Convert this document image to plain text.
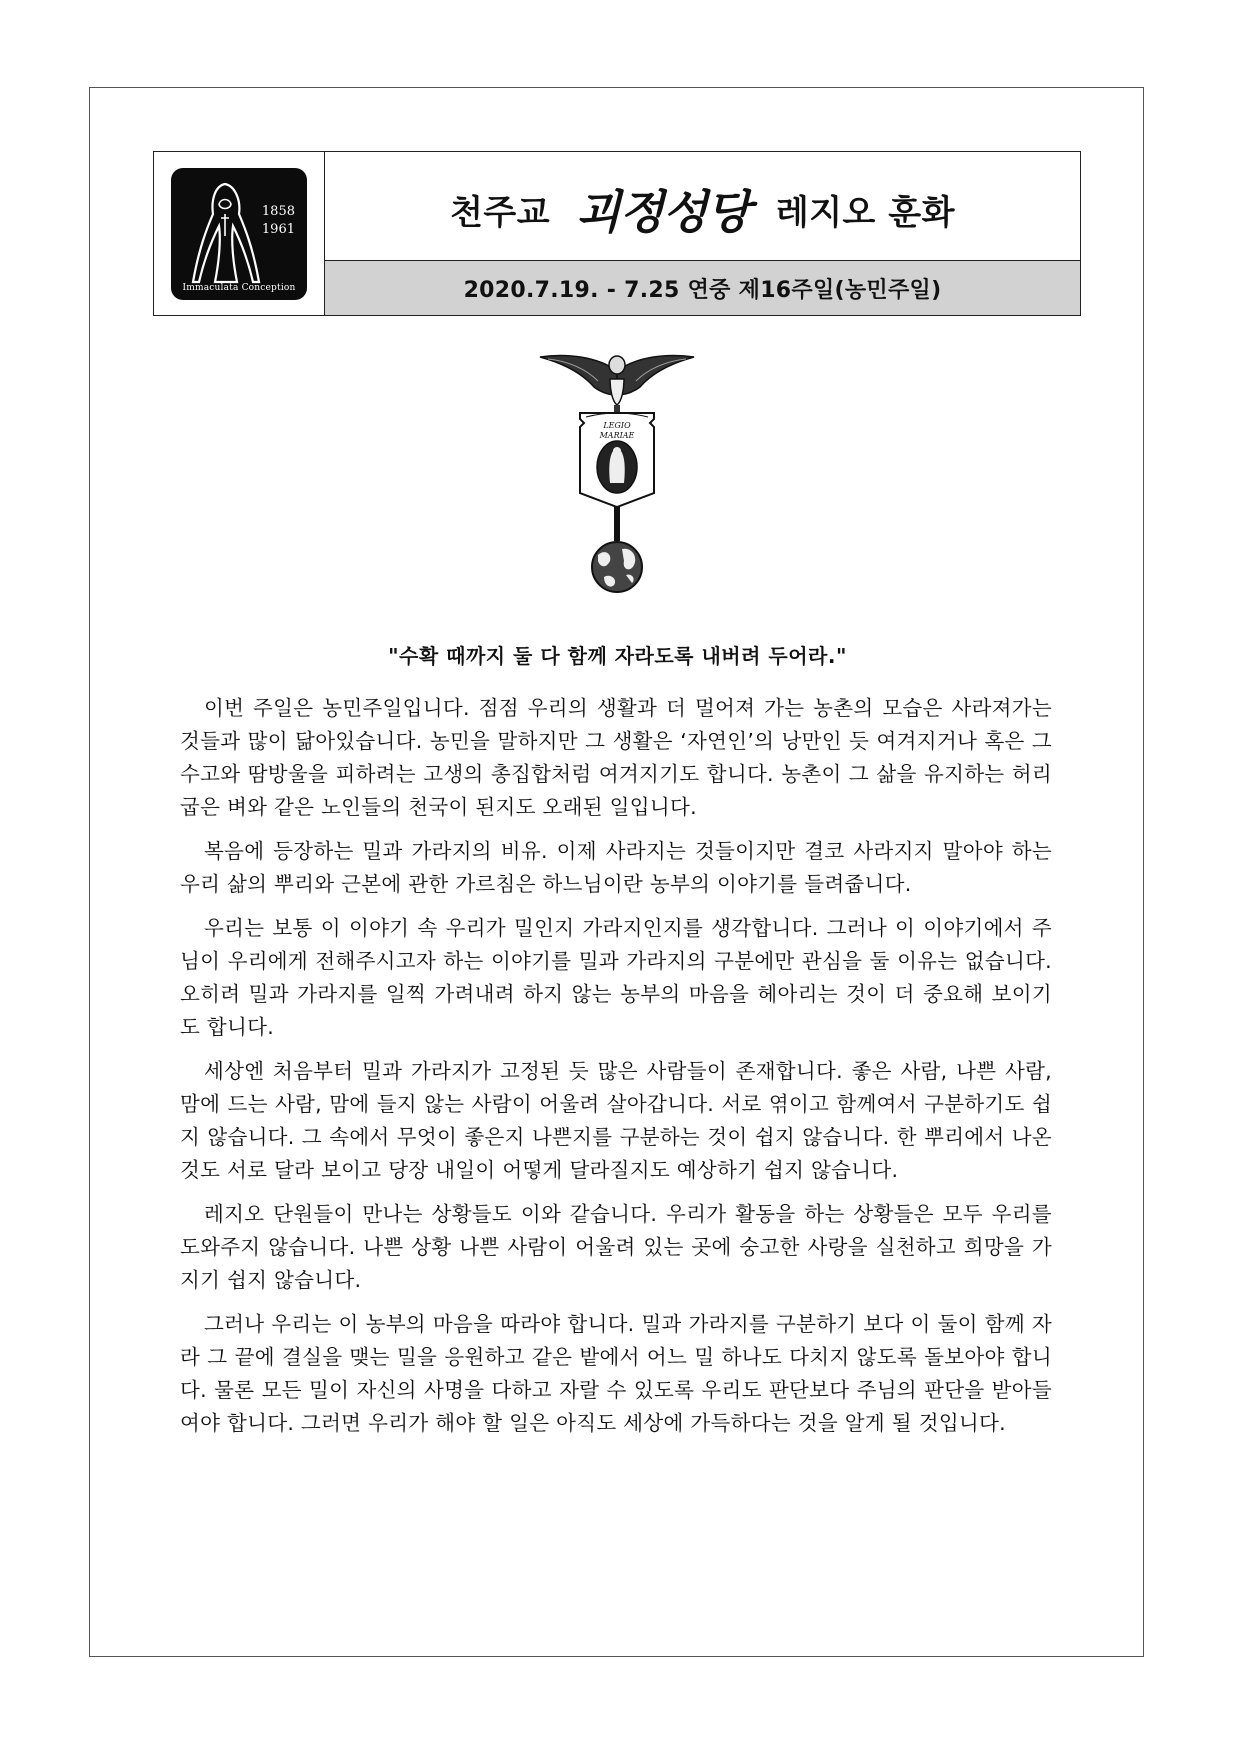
1858
1961
Immaculata Conception
천주교 괴정성당 레지오 훈화
2020.7.19. - 7.25 연중 제16주일(농민주일)
LEGIO
MARIAE
"수확 때까지 둘 다 함께 자라도록 내버려 두어라."

이번 주일은 농민주일입니다. 점점 우리의 생활과 더 멀어져 가는 농촌의 모습은 사라져가는 것들과 많이 닮아있습니다. 농민을 말하지만 그 생활은 ‘자연인’의 낭만인 듯 여겨지거나 혹은 그 수고와 땀방울을 피하려는 고생의 총집합처럼 여겨지기도 합니다. 농촌이 그 삶을 유지하는 허리 굽은 벼와 같은 노인들의 천국이 된지도 오래된 일입니다.

복음에 등장하는 밀과 가라지의 비유. 이제 사라지는 것들이지만 결코 사라지지 말아야 하는 우리 삶의 뿌리와 근본에 관한 가르침은 하느님이란 농부의 이야기를 들려줍니다.

우리는 보통 이 이야기 속 우리가 밀인지 가라지인지를 생각합니다. 그러나 이 이야기에서 주님이 우리에게 전해주시고자 하는 이야기를 밀과 가라지의 구분에만 관심을 둘 이유는 없습니다. 오히려 밀과 가라지를 일찍 가려내려 하지 않는 농부의 마음을 헤아리는 것이 더 중요해 보이기도 합니다.

세상엔 처음부터 밀과 가라지가 고정된 듯 많은 사람들이 존재합니다. 좋은 사람, 나쁜 사람, 맘에 드는 사람, 맘에 들지 않는 사람이 어울려 살아갑니다. 서로 엮이고 함께여서 구분하기도 쉽지 않습니다. 그 속에서 무엇이 좋은지 나쁜지를 구분하는 것이 쉽지 않습니다. 한 뿌리에서 나온 것도 서로 달라 보이고 당장 내일이 어떻게 달라질지도 예상하기 쉽지 않습니다.

레지오 단원들이 만나는 상황들도 이와 같습니다. 우리가 활동을 하는 상황들은 모두 우리를 도와주지 않습니다. 나쁜 상황 나쁜 사람이 어울려 있는 곳에 숭고한 사랑을 실천하고 희망을 가지기 쉽지 않습니다.

그러나 우리는 이 농부의 마음을 따라야 합니다. 밀과 가라지를 구분하기 보다 이 둘이 함께 자라 그 끝에 결실을 맺는 밀을 응원하고 같은 밭에서 어느 밀 하나도 다치지 않도록 돌보아야 합니다. 물론 모든 밀이 자신의 사명을 다하고 자랄 수 있도록 우리도 판단보다 주님의 판단을 받아들여야 합니다. 그러면 우리가 해야 할 일은 아직도 세상에 가득하다는 것을 알게 될 것입니다.
